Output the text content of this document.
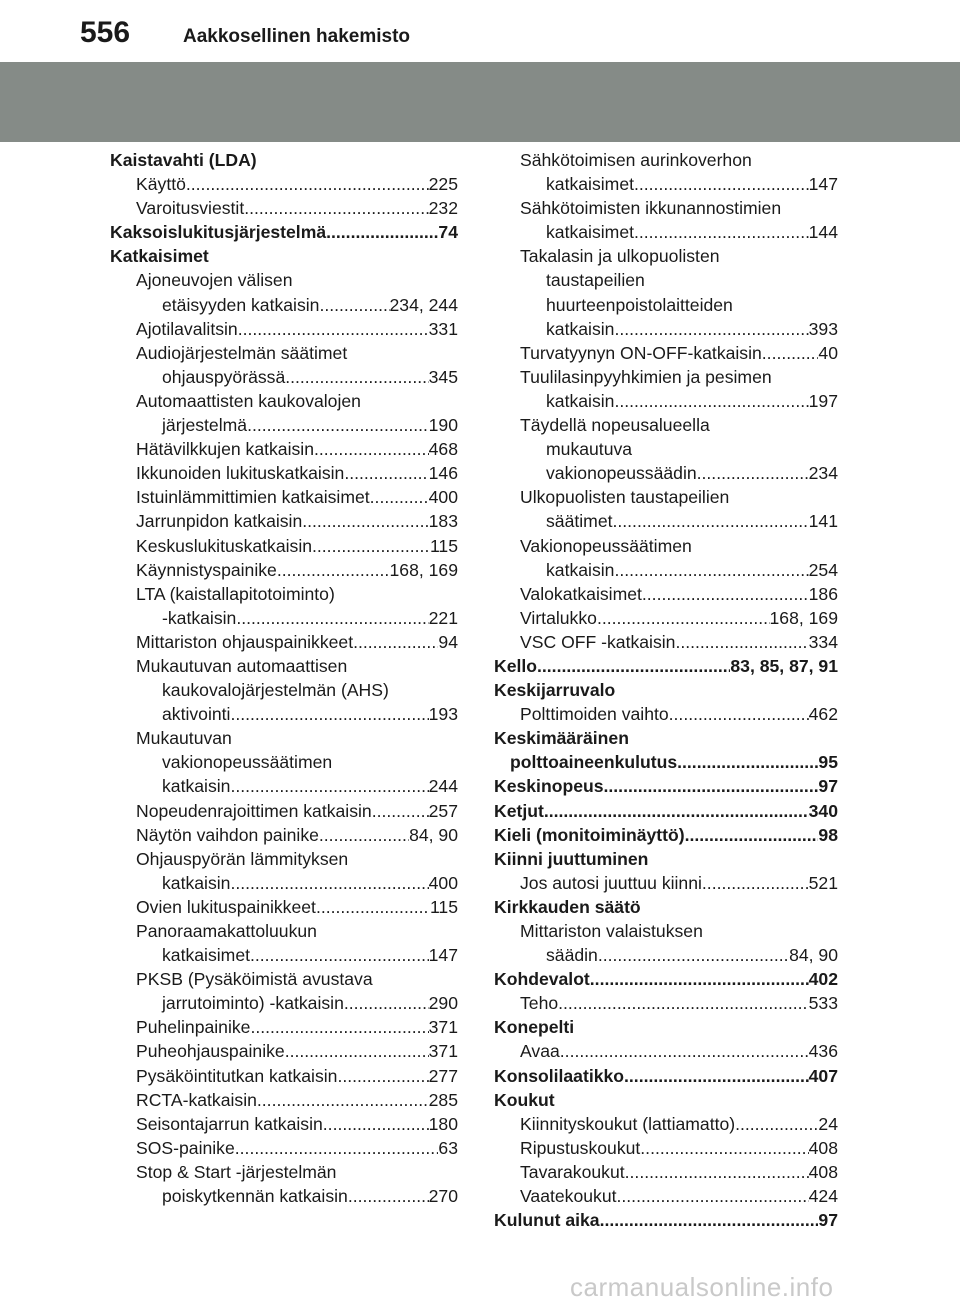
556	Aakkosellinen hakemisto
Kaistavahti (LDA)
Käyttö .....	225
Varoitusviestit .....	232
Kaksoislukitusjärjestelmä .....	74
Katkaisimet
Ajoneuvojen välisen
etäisyyden katkaisin .....	234, 244
Ajotilavalitsin .....	331
Audiojärjestelmän säätimet
ohjauspyörässä .....	345
Automaattisten kaukovalojen
järjestelmä .....	190
Hätävilkkujen katkaisin .....	468
Ikkunoiden lukituskatkaisin .....	146
Istuinlämmittimien katkaisimet .....	400
Jarrunpidon katkaisin .....	183
Keskuslukituskatkaisin .....	115
Käynnistyspainike .....	168, 169
LTA (kaistallapitotoiminto)
-katkaisin .....	221
Mittariston ohjauspainikkeet .....	94
Mukautuvan automaattisen
kaukovalojärjestelmän (AHS)
aktivointi .....	193
Mukautuvan
vakionopeussäätimen
katkaisin .....	244
Nopeudenrajoittimen katkaisin .....	257
Näytön vaihdon painike .....	84, 90
Ohjauspyörän lämmityksen
katkaisin .....	400
Ovien lukituspainikkeet .....	115
Panoraamakattoluukun
katkaisimet .....	147
PKSB (Pysäköimistä avustava
jarrutoiminto) -katkaisin .....	290
Puhelinpainike .....	371
Puheohjauspainike .....	371
Pysäköintitutkan katkaisin .....	277
RCTA-katkaisin .....	285
Seisontajarrun katkaisin .....	180
SOS-painike .....	63
Stop & Start -järjestelmän
poiskytkennän katkaisin .....	270
Sähkötoimisen aurinkoverhon
katkaisimet .....	147
Sähkötoimisten ikkunannostimien
katkaisimet .....	144
Takalasin ja ulkopuolisten
taustapeilien
huurteenpoistolaitteiden
katkaisin .....	393
Turvatyynyn ON-OFF-katkaisin .....	40
Tuulilasinpyyhkimien ja pesimen
katkaisin .....	197
Täydellä nopeusalueella
mukautuva
vakionopeussäädin .....	234
Ulkopuolisten taustapeilien
säätimet .....	141
Vakionopeussäätimen
katkaisin .....	254
Valokatkaisimet .....	186
Virtalukko .....	168, 169
VSC OFF -katkaisin .....	334
Kello .....	83, 85, 87, 91
Keskijarruvalo
Polttimoiden vaihto .....	462
Keskimääräinen
polttoaineenkulutus .....	95
Keskinopeus .....	97
Ketjut .....	340
Kieli (monitoiminäyttö) .....	98
Kiinni juuttuminen
Jos autosi juuttuu kiinni .....	521
Kirkkauden säätö
Mittariston valaistuksen
säädin .....	84, 90
Kohdevalot .....	402
Teho .....	533
Konepelti
Avaa .....	436
Konsolilaatikko .....	407
Koukut
Kiinnityskoukut (lattiamatto) .....	24
Ripustuskoukut .....	408
Tavarakoukut .....	408
Vaatekoukut .....	424
Kulunut aika .....	97
carmanualsonline.info
